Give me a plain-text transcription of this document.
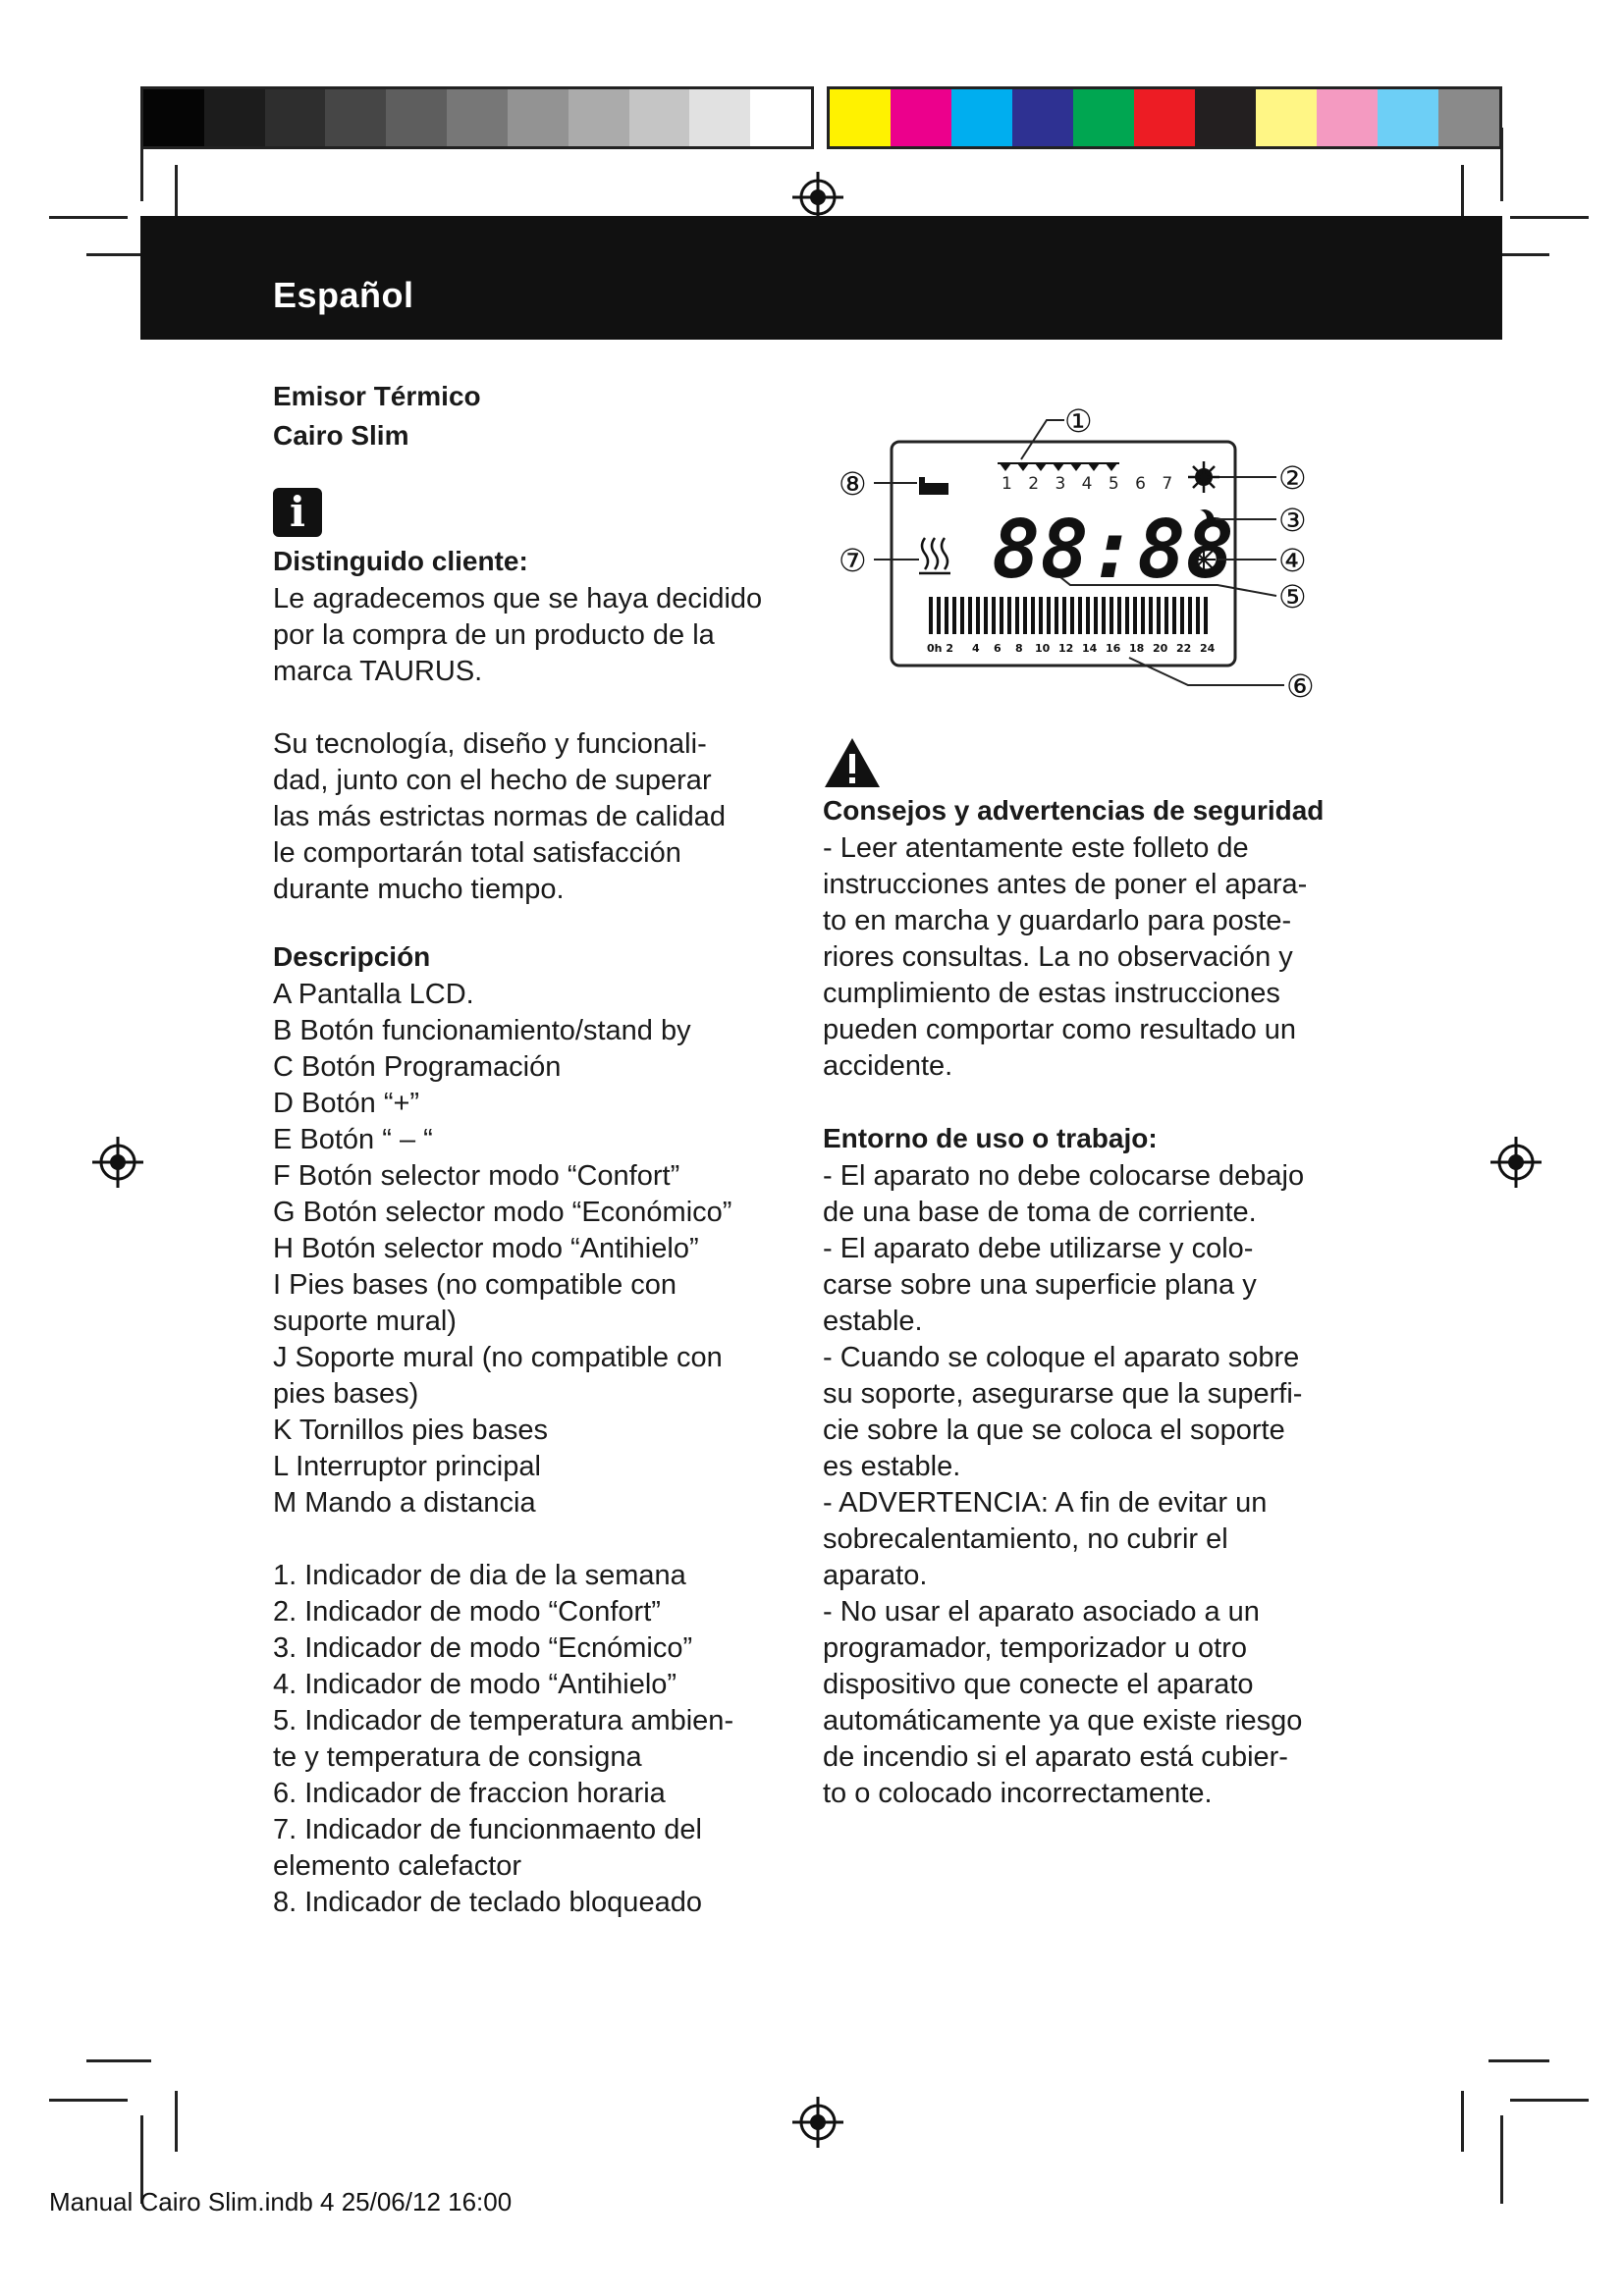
Español
Emisor Térmico
Cairo Slim
i
Distinguido cliente:
Le agradecemos que se haya decidido
por la compra de un producto de la
marca TAURUS.
Su tecnología, diseño y funcionali-
dad, junto con el hecho de superar
las más estrictas normas de calidad
le comportarán total satisfacción
durante mucho tiempo.
Descripción
A Pantalla LCD.
B Botón funcionamiento/stand by
C Botón Programación
D Botón “+”
E Botón “ – “
F Botón selector modo “Confort”
G Botón selector modo “Económico”
H Botón selector modo “Antihielo”
I Pies bases (no compatible con
suporte mural)
J Soporte mural (no compatible con
pies bases)
K Tornillos pies bases
L Interruptor principal
M Mando a distancia
1. Indicador de dia de la semana
2. Indicador de modo “Confort”
3. Indicador de modo “Ecnómico”
4. Indicador de modo “Antihielo”
5. Indicador de temperatura ambien-
te y temperatura de consigna
6. Indicador de fraccion horaria
7. Indicador de funcionmaento del
elemento calefactor
8. Indicador de teclado bloqueado
1 2 3 4 5 6 7
88:88
0h 2 4 6 8 10 12 14 16 18 20 22 24
①
②
③
④
⑤
⑥
⑦
⑧
Consejos y advertencias de seguridad
- Leer atentamente este folleto de
instrucciones antes de poner el apara-
to en marcha y guardarlo para poste-
riores consultas. La no observación y
cumplimiento de estas instrucciones
pueden comportar como resultado un
accidente.
Entorno de uso o trabajo:
- El aparato no debe colocarse debajo
de una base de toma de corriente.
- El aparato debe utilizarse y colo-
carse sobre una superficie plana y
estable.
- Cuando se coloque el aparato sobre
su soporte, asegurarse que la superfi-
cie sobre la que se coloca el soporte
es estable.
- ADVERTENCIA: A fin de evitar un
sobrecalentamiento, no cubrir el
aparato.
- No usar el aparato asociado a un
programador, temporizador u otro
dispositivo que conecte el aparato
automáticamente ya que existe riesgo
de incendio si el aparato está cubier-
to o colocado incorrectamente.
Manual Cairo Slim.indb 4 25/06/12 16:00
